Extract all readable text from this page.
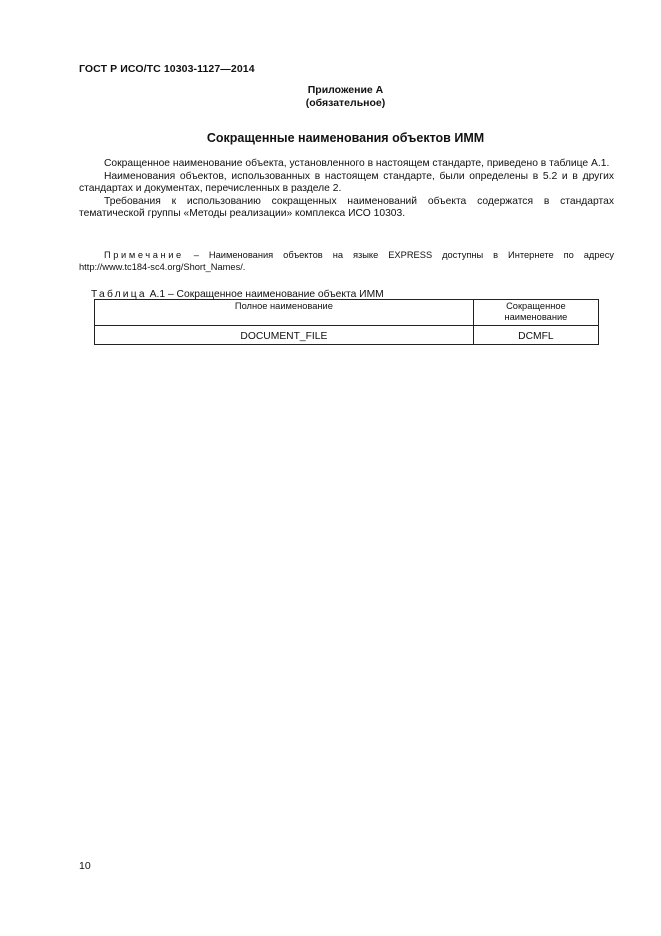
ГОСТ Р ИСО/ТС 10303-1127—2014
Приложение А
(обязательное)
Сокращенные наименования объектов ИММ

Сокращенное наименование объекта, установленного в настоящем стандарте, приведено в таблице А.1.

Наименования объектов, использованных в настоящем стандарте, были определены в 5.2 и в других стандартах и документах, перечисленных в разделе 2.

Требования к использованию сокращенных наименований объекта содержатся в стандартах тематической группы «Методы реализации» комплекса ИСО 10303.

Примечание – Наименования объектов на языке EXPRESS доступны в Интернете по адресу
http://www.tc184-sc4.org/Short_Names/.
Таблица А.1 – Сокращенное наименование объекта ИММ
Полное наименование	Сокращенное
наименование

DOCUMENT_FILE	DCMFL
10
